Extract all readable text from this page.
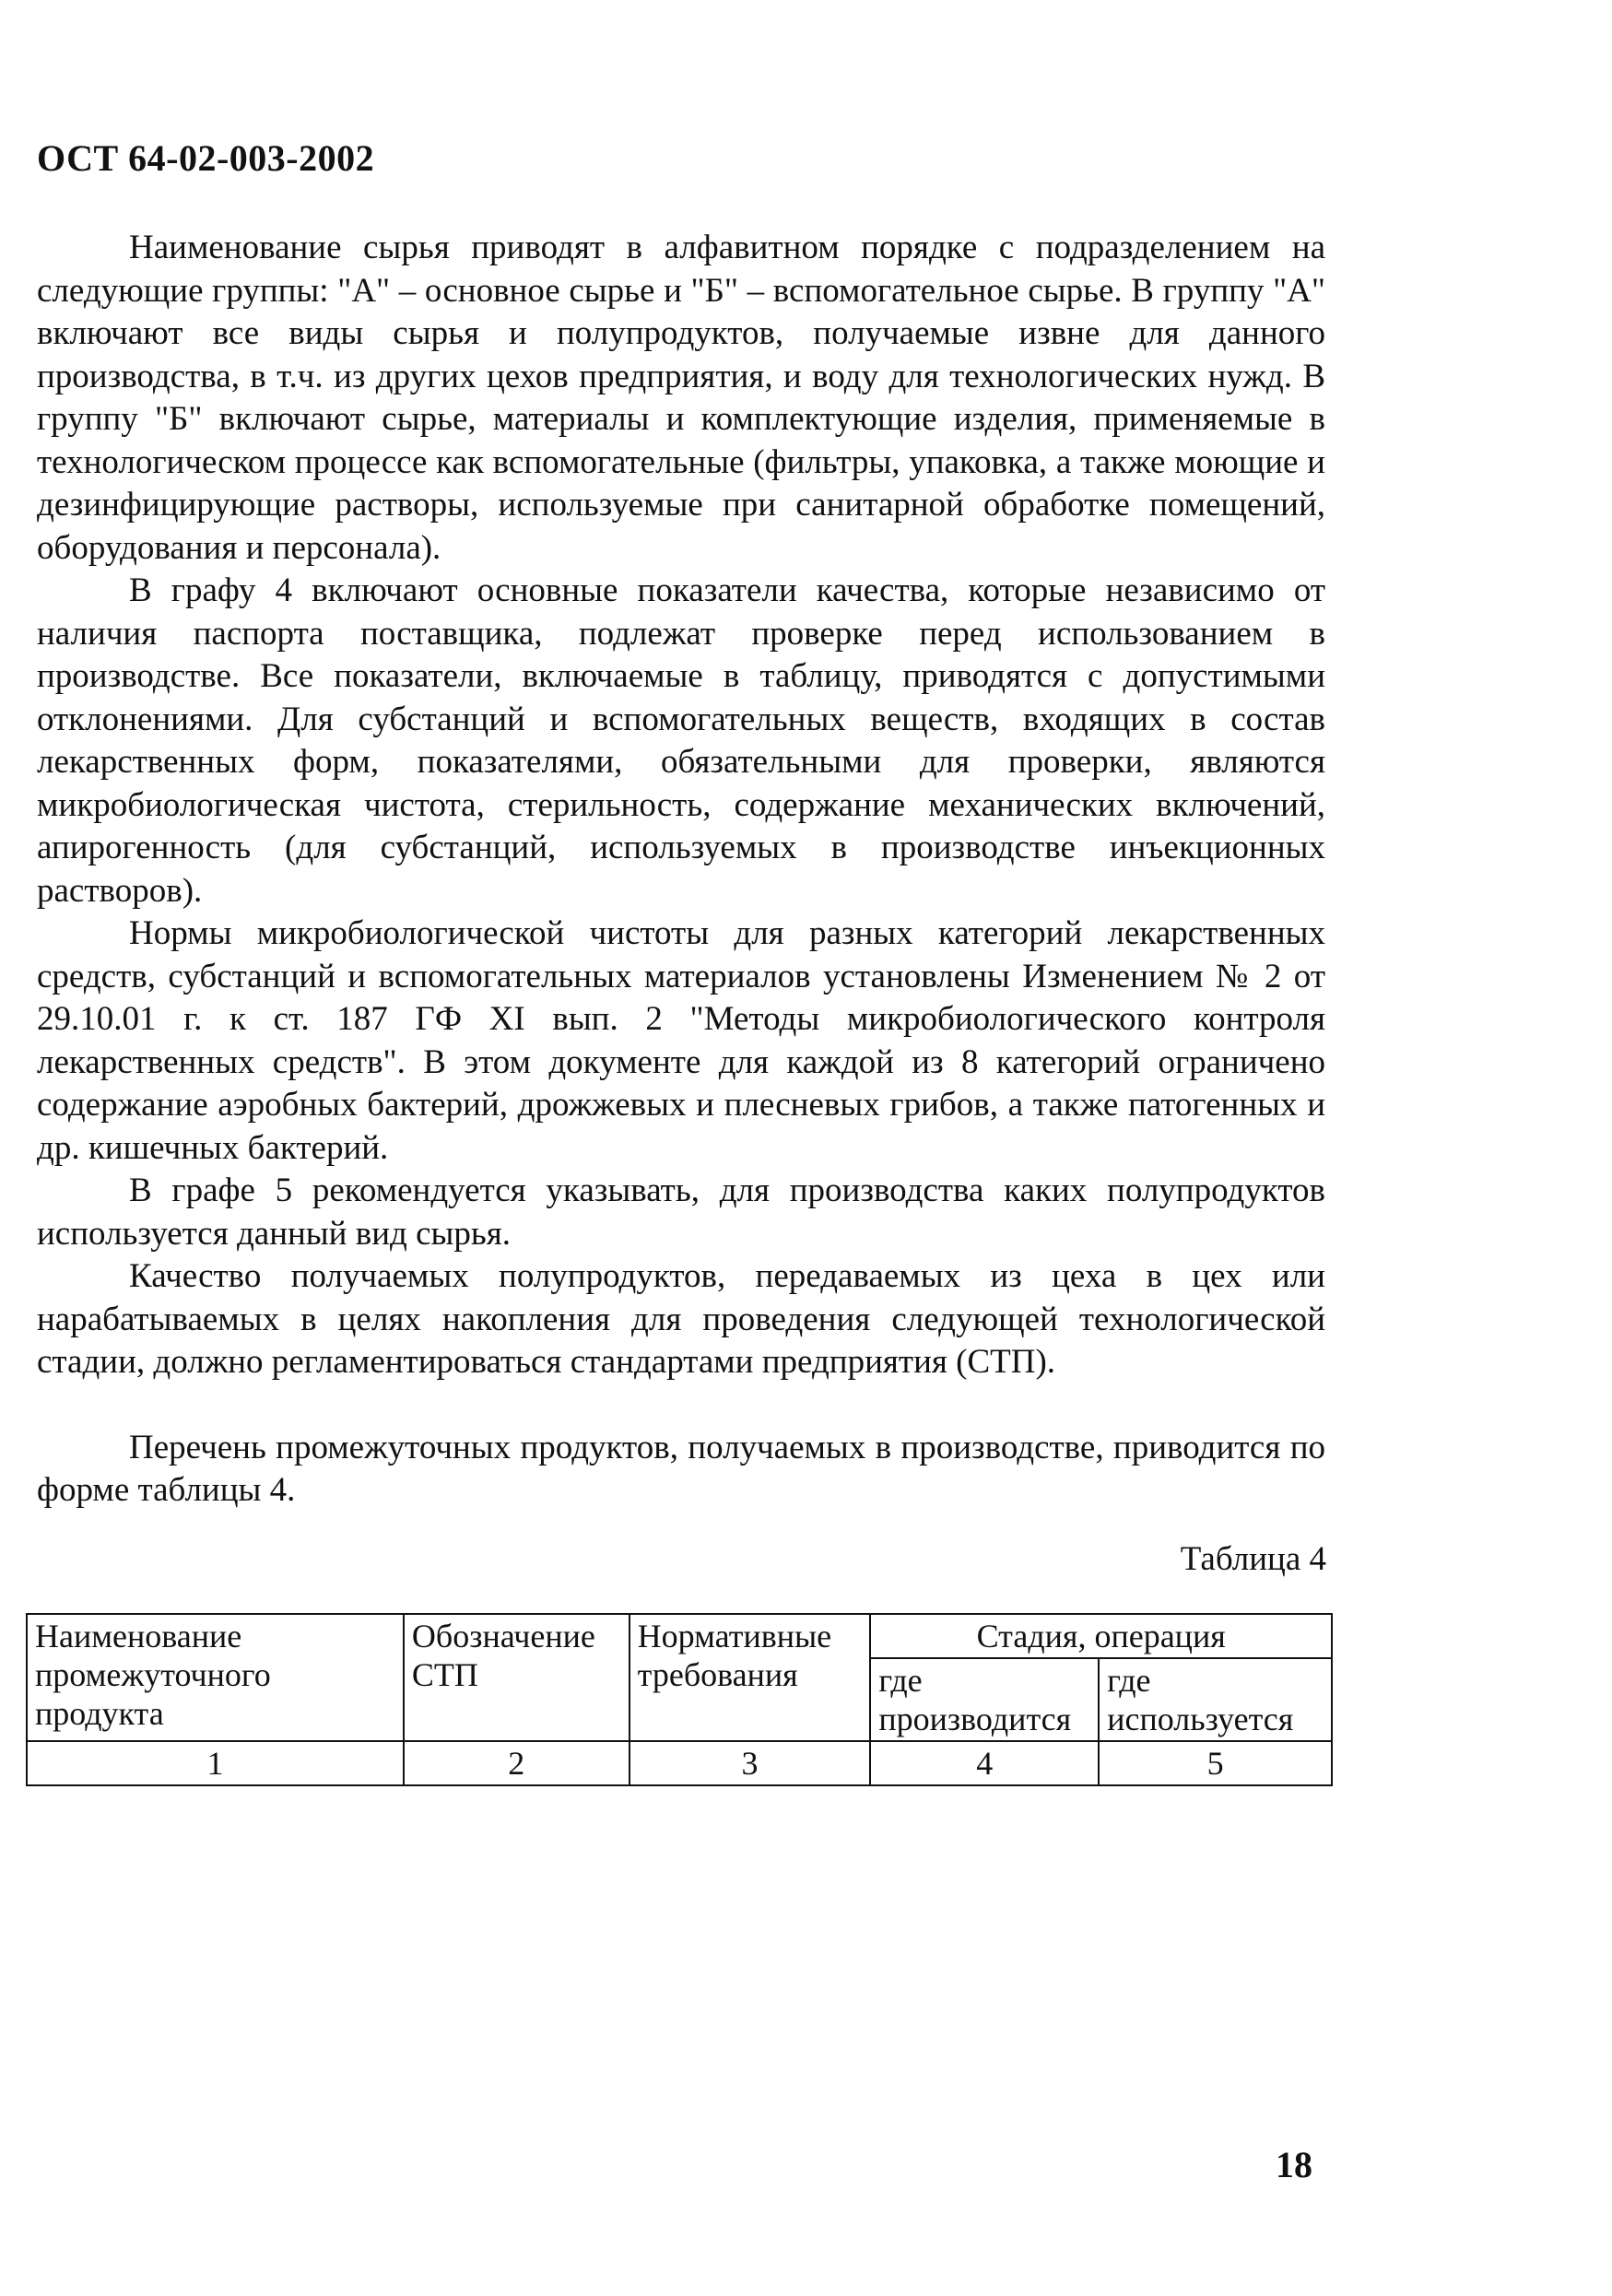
ОСТ 64-02-003-2002

Наименование сырья приводят в алфавитном порядке с подразделением на следующие группы: "А" – основное сырье и "Б" – вспомогательное сырье. В группу "А" включают все виды сырья и полупродуктов, получаемые извне для данного производства, в т.ч. из других цехов предприятия, и воду для технологических нужд. В группу "Б" включают сырье, материалы и комплектующие изделия, применяемые в технологическом процессе как вспомогательные (фильтры, упаковка, а также моющие и дезинфицирующие растворы, используемые при санитарной обработке помещений, оборудования и персонала).

В графу 4 включают основные показатели качества, которые независимо от наличия паспорта поставщика, подлежат проверке перед использованием в производстве. Все показатели, включаемые в таблицу, приводятся с допустимыми отклонениями. Для субстанций и вспомогательных веществ, входящих в состав лекарственных форм, показателями, обязательными для проверки, являются микробиологическая чистота, стерильность, содержание механических включений, апирогенность (для субстанций, используемых в производстве инъекционных растворов).

Нормы микробиологической чистоты для разных категорий лекарственных средств, субстанций и вспомогательных материалов установлены Изменением № 2 от 29.10.01 г. к ст. 187 ГФ XI вып. 2 "Методы микробиологического контроля лекарственных средств". В этом документе для каждой из 8 категорий ограничено содержание аэробных бактерий, дрожжевых и плесневых грибов, а также патогенных и др. кишечных бактерий.

В графе 5 рекомендуется указывать, для производства каких полупродуктов используется данный вид сырья.

Качество получаемых полупродуктов, передаваемых из цеха в цех или нарабатываемых в целях накопления для проведения следующей технологической стадии, должно регламентироваться стандартами предприятия (СТП).

Перечень промежуточных продуктов, получаемых в производстве, приводится по форме таблицы 4.

Таблица 4
Наименование промежуточного продукта	Обозначение СТП	Нормативные требования	Стадия, операция	
			где производится	где используется
1	2	3	4	5
18
